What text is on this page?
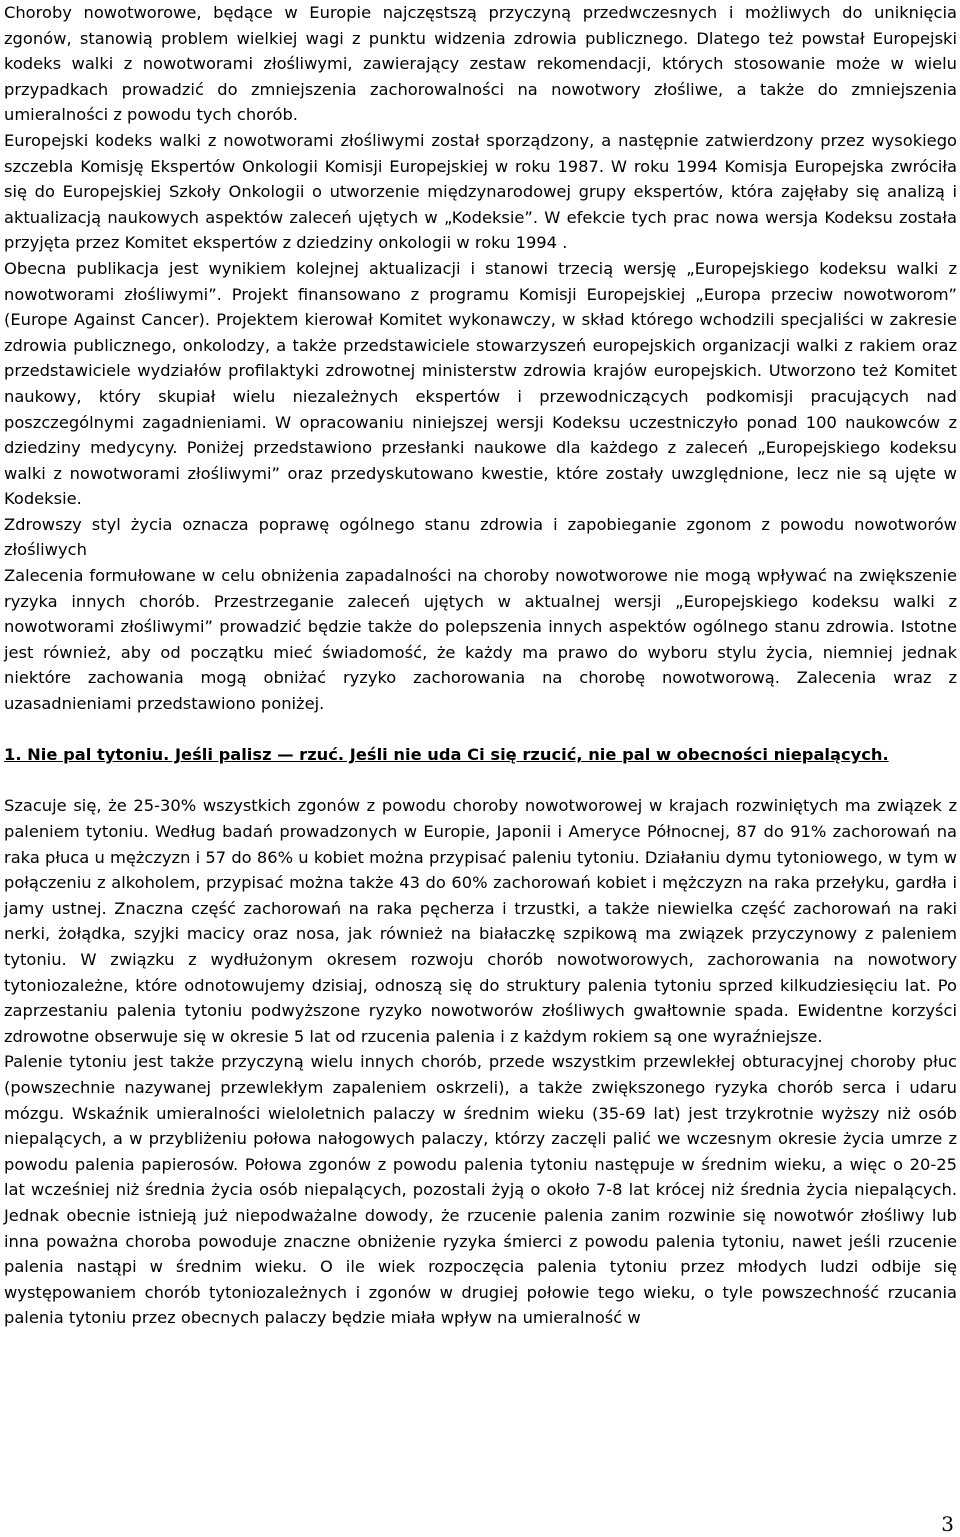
Choroby nowotworowe, będące w Europie najczęstszą przyczyną przedwczesnych i możliwych do uniknięcia zgonów, stanowią problem wielkiej wagi z punktu widzenia zdrowia publicznego. Dlatego też powstał Europejski kodeks walki z nowotworami złośliwymi, zawierający zestaw rekomendacji, których stosowanie może w wielu przypadkach prowadzić do zmniejszenia zachorowalności na nowotwory złośliwe, a także do zmniejszenia umieralności z powodu tych chorób.

Europejski kodeks walki z nowotworami złośliwymi został sporządzony, a następnie zatwierdzony przez wysokiego szczebla Komisję Ekspertów Onkologii Komisji Europejskiej w roku 1987. W roku 1994 Komisja Europejska zwróciła się do Europejskiej Szkoły Onkologii o utworzenie międzynarodowej grupy ekspertów, która zajęłaby się analizą i aktualizacją naukowych aspektów zaleceń ujętych w „Kodeksie”. W efekcie tych prac nowa wersja Kodeksu została przyjęta przez Komitet ekspertów z dziedziny onkologii w roku 1994 .

Obecna publikacja jest wynikiem kolejnej aktualizacji i stanowi trzecią wersję „Europejskiego kodeksu walki z nowotworami złośliwymi”. Projekt finansowano z programu Komisji Europejskiej „Europa przeciw nowotworom” (Europe Against Cancer). Projektem kierował Komitet wykonawczy, w skład którego wchodzili specjaliści w zakresie zdrowia publicznego, onkolodzy, a także przedstawiciele stowarzyszeń europejskich organizacji walki z rakiem oraz przedstawiciele wydziałów profilaktyki zdrowotnej ministerstw zdrowia krajów europejskich. Utworzono też Komitet naukowy, który skupiał wielu niezależnych ekspertów i przewodniczących podkomisji pracujących nad poszczególnymi zagadnieniami. W opracowaniu niniejszej wersji Kodeksu uczestniczyło ponad 100 naukowców z dziedziny medycyny. Poniżej przedstawiono przesłanki naukowe dla każdego z zaleceń „Europejskiego kodeksu walki z nowotworami złośliwymi” oraz przedyskutowano kwestie, które zostały uwzględnione, lecz nie są ujęte w Kodeksie.

Zdrowszy styl życia oznacza poprawę ogólnego stanu zdrowia i zapobieganie zgonom z powodu nowotworów złośliwych

Zalecenia formułowane w celu obniżenia zapadalności na choroby nowotworowe nie mogą wpływać na zwiększenie ryzyka innych chorób. Przestrzeganie zaleceń ujętych w aktualnej wersji „Europejskiego kodeksu walki z nowotworami złośliwymi” prowadzić będzie także do polepszenia innych aspektów ogólnego stanu zdrowia. Istotne jest również, aby od początku mieć świadomość, że każdy ma prawo do wyboru stylu życia, niemniej jednak niektóre zachowania mogą obniżać ryzyko zachorowania na chorobę nowotworową. Zalecenia wraz z uzasadnieniami przedstawiono poniżej.

1. Nie pal tytoniu. Jeśli palisz — rzuć. Jeśli nie uda Ci się rzucić, nie pal w obecności niepalących.

Szacuje się, że 25-30% wszystkich zgonów z powodu choroby nowotworowej w krajach rozwiniętych ma związek z paleniem tytoniu. Według badań prowadzonych w Europie, Japonii i Ameryce Północnej, 87 do 91% zachorowań na raka płuca u mężczyzn i 57 do 86% u kobiet można przypisać paleniu tytoniu. Działaniu dymu tytoniowego, w tym w połączeniu z alkoholem, przypisać można także 43 do 60% zachorowań kobiet i mężczyzn na raka przełyku, gardła i jamy ustnej. Znaczna część zachorowań na raka pęcherza i trzustki, a także niewielka część zachorowań na raki nerki, żołądka, szyjki macicy oraz nosa, jak również na białaczkę szpikową ma związek przyczynowy z paleniem tytoniu. W związku z wydłużonym okresem rozwoju chorób nowotworowych, zachorowania na nowotwory tytoniozależne, które odnotowujemy dzisiaj, odnoszą się do struktury palenia tytoniu sprzed kilkudziesięciu lat. Po zaprzestaniu palenia tytoniu podwyższone ryzyko nowotworów złośliwych gwałtownie spada. Ewidentne korzyści zdrowotne obserwuje się w okresie 5 lat od rzucenia palenia i z każdym rokiem są one wyraźniejsze.

Palenie tytoniu jest także przyczyną wielu innych chorób, przede wszystkim przewlekłej obturacyjnej choroby płuc (powszechnie nazywanej przewlekłym zapaleniem oskrzeli), a także zwiększonego ryzyka chorób serca i udaru mózgu. Wskaźnik umieralności wieloletnich palaczy w średnim wieku (35-69 lat) jest trzykrotnie wyższy niż osób niepalących, a w przybliżeniu połowa nałogowych palaczy, którzy zaczęli palić we wczesnym okresie życia umrze z powodu palenia papierosów. Połowa zgonów z powodu palenia tytoniu następuje w średnim wieku, a więc o 20-25 lat wcześniej niż średnia życia osób niepalących, pozostali żyją o około 7-8 lat krócej niż średnia życia niepalących. Jednak obecnie istnieją już niepodważalne dowody, że rzucenie palenia zanim rozwinie się nowotwór złośliwy lub inna poważna choroba powoduje znaczne obniżenie ryzyka śmierci z powodu palenia tytoniu, nawet jeśli rzucenie palenia nastąpi w średnim wieku. O ile wiek rozpoczęcia palenia tytoniu przez młodych ludzi odbije się występowaniem chorób tytoniozależnych i zgonów w drugiej połowie tego wieku, o tyle powszechność rzucania palenia tytoniu przez obecnych palaczy będzie miała wpływ na umieralność w

3
